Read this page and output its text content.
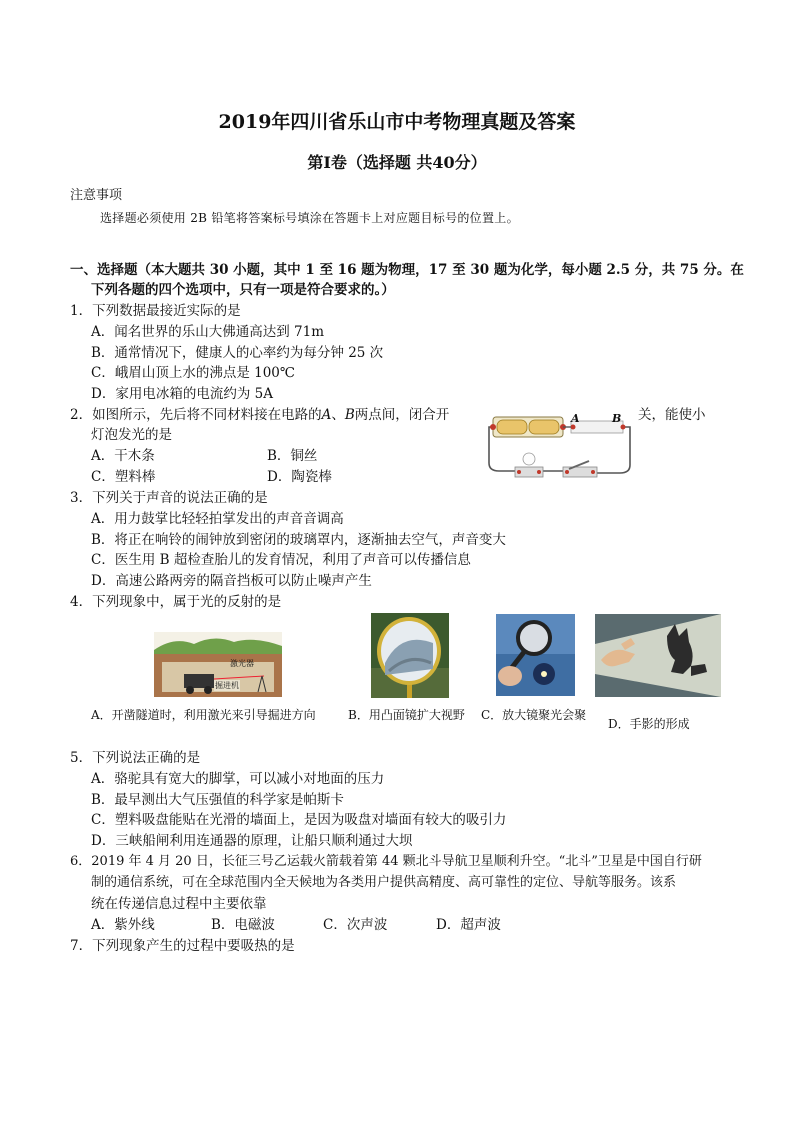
2019年四川省乐山市中考物理真题及答案
第Ⅰ卷（选择题 共40分）
注意事项
选择题必须使用 2B 铅笔将答案标号填涂在答题卡上对应题目标号的位置上。
一、选择题（本大题共 30 小题，其中 1 至 16 题为物理，17 至 30 题为化学，每小题 2.5 分，共 75 分。在
下列各题的四个选项中，只有一项是符合要求的。）
1．下列数据最接近实际的是
A．闻名世界的乐山大佛通高达到 71m
B．通常情况下，健康人的心率约为每分钟 25 次
C．峨眉山顶上水的沸点是 100℃
D．家用电冰箱的电流约为 5A
2．如图所示，先后将不同材料接在电路的A、B两点间，闭合开	关，能使小
灯泡发光的是
A．干木条	B．铜丝
C．塑料棒	D．陶瓷棒
A	B
3．下列关于声音的说法正确的是
A．用力鼓掌比轻轻拍掌发出的声音音调高
B．将正在响铃的闹钟放到密闭的玻璃罩内，逐渐抽去空气，声音变大
C．医生用 B 超检查胎儿的发育情况，利用了声音可以传播信息
D．高速公路两旁的隔音挡板可以防止噪声产生
4．下列现象中，属于光的反射的是
激光器
掘进机
A．开凿隧道时，利用激光来引导掘进方向	B．用凸面镜扩大视野	C．放大镜聚光会聚
D．手影的形成
5．下列说法正确的是
A．骆驼具有宽大的脚掌，可以减小对地面的压力
B．最早测出大气压强值的科学家是帕斯卡
C．塑料吸盘能贴在光滑的墙面上，是因为吸盘对墙面有较大的吸引力
D．三峡船闸利用连通器的原理，让船只顺利通过大坝
6．2019 年 4 月 20 日，长征三号乙运载火箭载着第 44 颗北斗导航卫星顺利升空。“北斗”卫星是中国自行研
制的通信系统，可在全球范围内全天候地为各类用户提供高精度、高可靠性的定位、导航等服务。该系
统在传递信息过程中主要依靠
A．紫外线	B．电磁波	C．次声波	D．超声波
7．下列现象产生的过程中要吸热的是
